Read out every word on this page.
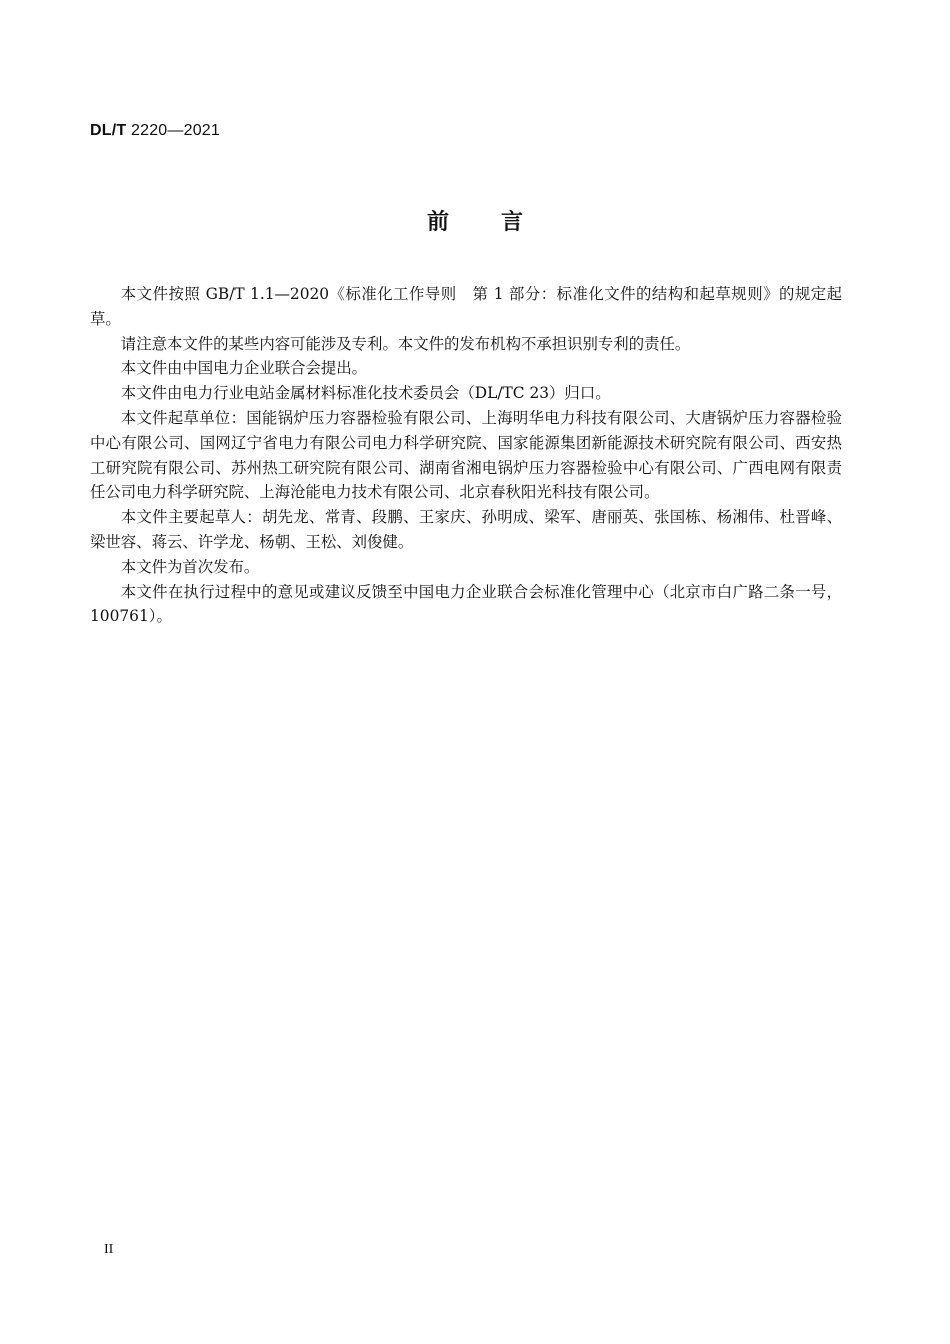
DL/T 2220—2021
前 言

本文件按照 GB/T 1.1—2020《标准化工作导则　第 1 部分：标准化文件的结构和起草规则》的规定起草。

请注意本文件的某些内容可能涉及专利。本文件的发布机构不承担识别专利的责任。

本文件由中国电力企业联合会提出。

本文件由电力行业电站金属材料标准化技术委员会（DL/TC 23）归口。

本文件起草单位：国能锅炉压力容器检验有限公司、上海明华电力科技有限公司、大唐锅炉压力容器检验中心有限公司、国网辽宁省电力有限公司电力科学研究院、国家能源集团新能源技术研究院有限公司、西安热工研究院有限公司、苏州热工研究院有限公司、湖南省湘电锅炉压力容器检验中心有限公司、广西电网有限责任公司电力科学研究院、上海沧能电力技术有限公司、北京春秋阳光科技有限公司。

本文件主要起草人：胡先龙、常青、段鹏、王家庆、孙明成、梁军、唐丽英、张国栋、杨湘伟、杜晋峰、梁世容、蒋云、许学龙、杨朝、王松、刘俊健。

本文件为首次发布。

本文件在执行过程中的意见或建议反馈至中国电力企业联合会标准化管理中心（北京市白广路二条一号，100761）。

II
